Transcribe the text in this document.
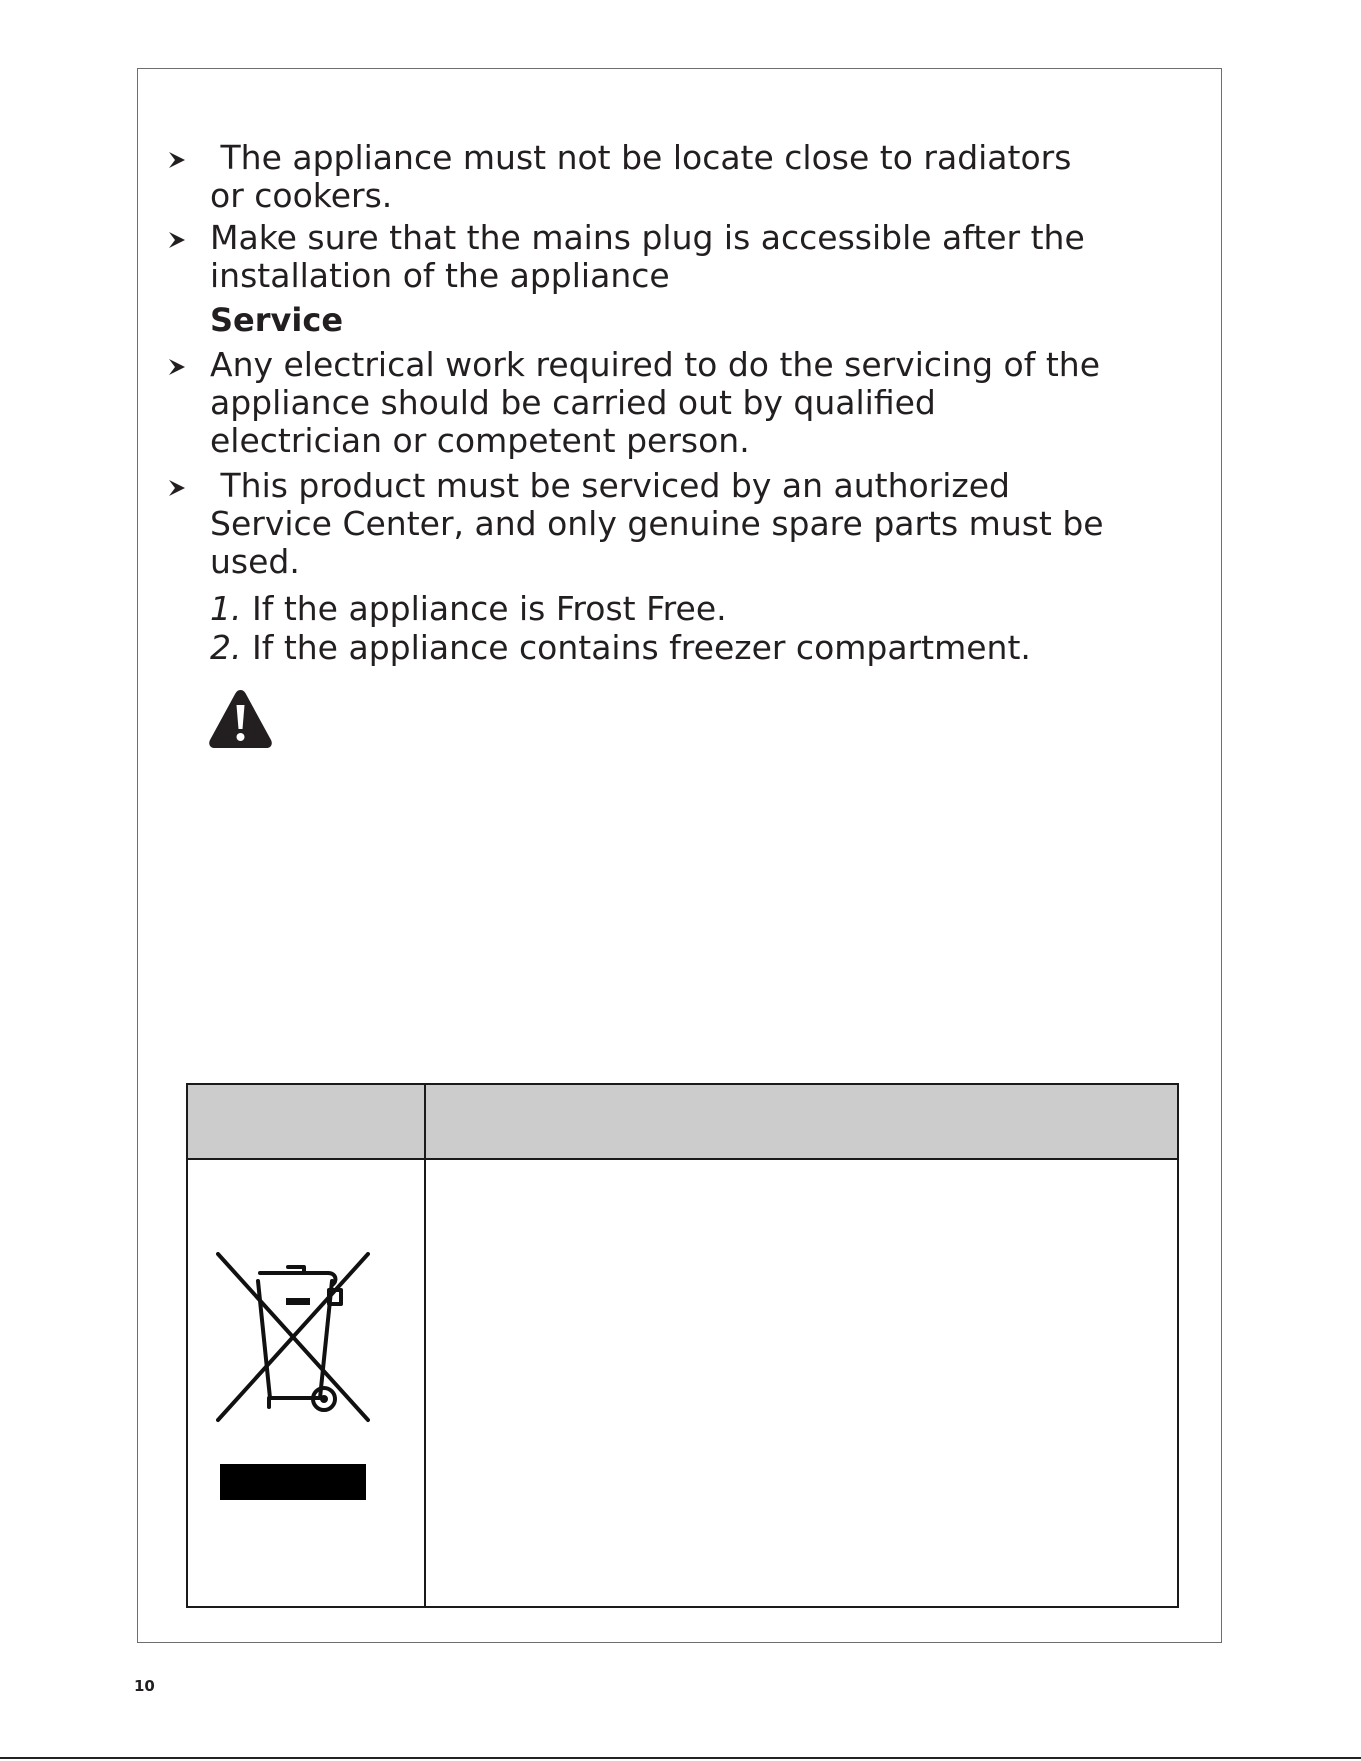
The appliance must not be locate close to radiators

or cookers.

Make sure that the mains plug is accessible after the

installation of the appliance

Service

Any electrical work required to do the servicing of the

appliance should be carried out by qualified

electrician or competent person.

This product must be serviced by an authorized

Service Center, and only genuine spare parts must be

used.

1. If the appliance is Frost Free.

2. If the appliance contains freezer compartment.

10
